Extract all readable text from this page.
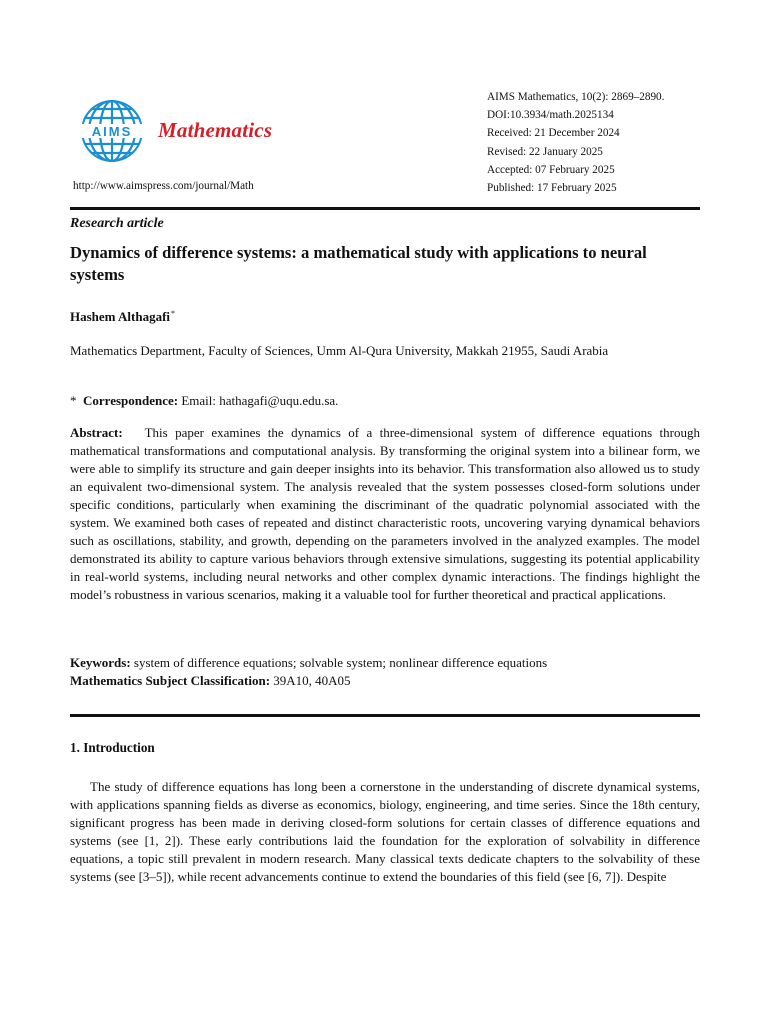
AIMS Mathematics
http://www.aimspress.com/journal/Math
AIMS Mathematics, 10(2): 2869–2890.
DOI:10.3934/math.2025134
Received: 21 December 2024
Revised: 22 January 2025
Accepted: 07 February 2025
Published: 17 February 2025
Research article
Dynamics of difference systems: a mathematical study with applications to neural systems
Hashem Althagafi*
Mathematics Department, Faculty of Sciences, Umm Al-Qura University, Makkah 21955, Saudi Arabia
* Correspondence: Email: hathagafi@uqu.edu.sa.
Abstract: This paper examines the dynamics of a three-dimensional system of difference equations through mathematical transformations and computational analysis. By transforming the original system into a bilinear form, we were able to simplify its structure and gain deeper insights into its behavior. This transformation also allowed us to study an equivalent two-dimensional system. The analysis revealed that the system possesses closed-form solutions under specific conditions, particularly when examining the discriminant of the quadratic polynomial associated with the system. We examined both cases of repeated and distinct characteristic roots, uncovering varying dynamical behaviors such as oscillations, stability, and growth, depending on the parameters involved in the analyzed examples. The model demonstrated its ability to capture various behaviors through extensive simulations, suggesting its potential applicability in real-world systems, including neural networks and other complex dynamic interactions. The findings highlight the model’s robustness in various scenarios, making it a valuable tool for further theoretical and practical applications.
Keywords: system of difference equations; solvable system; nonlinear difference equations
Mathematics Subject Classification: 39A10, 40A05
1. Introduction
The study of difference equations has long been a cornerstone in the understanding of discrete dynamical systems, with applications spanning fields as diverse as economics, biology, engineering, and time series. Since the 18th century, significant progress has been made in deriving closed-form solutions for certain classes of difference equations and systems (see [1, 2]). These early contributions laid the foundation for the exploration of solvability in difference equations, a topic still prevalent in modern research. Many classical texts dedicate chapters to the solvability of these systems (see [3–5]), while recent advancements continue to extend the boundaries of this field (see [6, 7]). Despite
